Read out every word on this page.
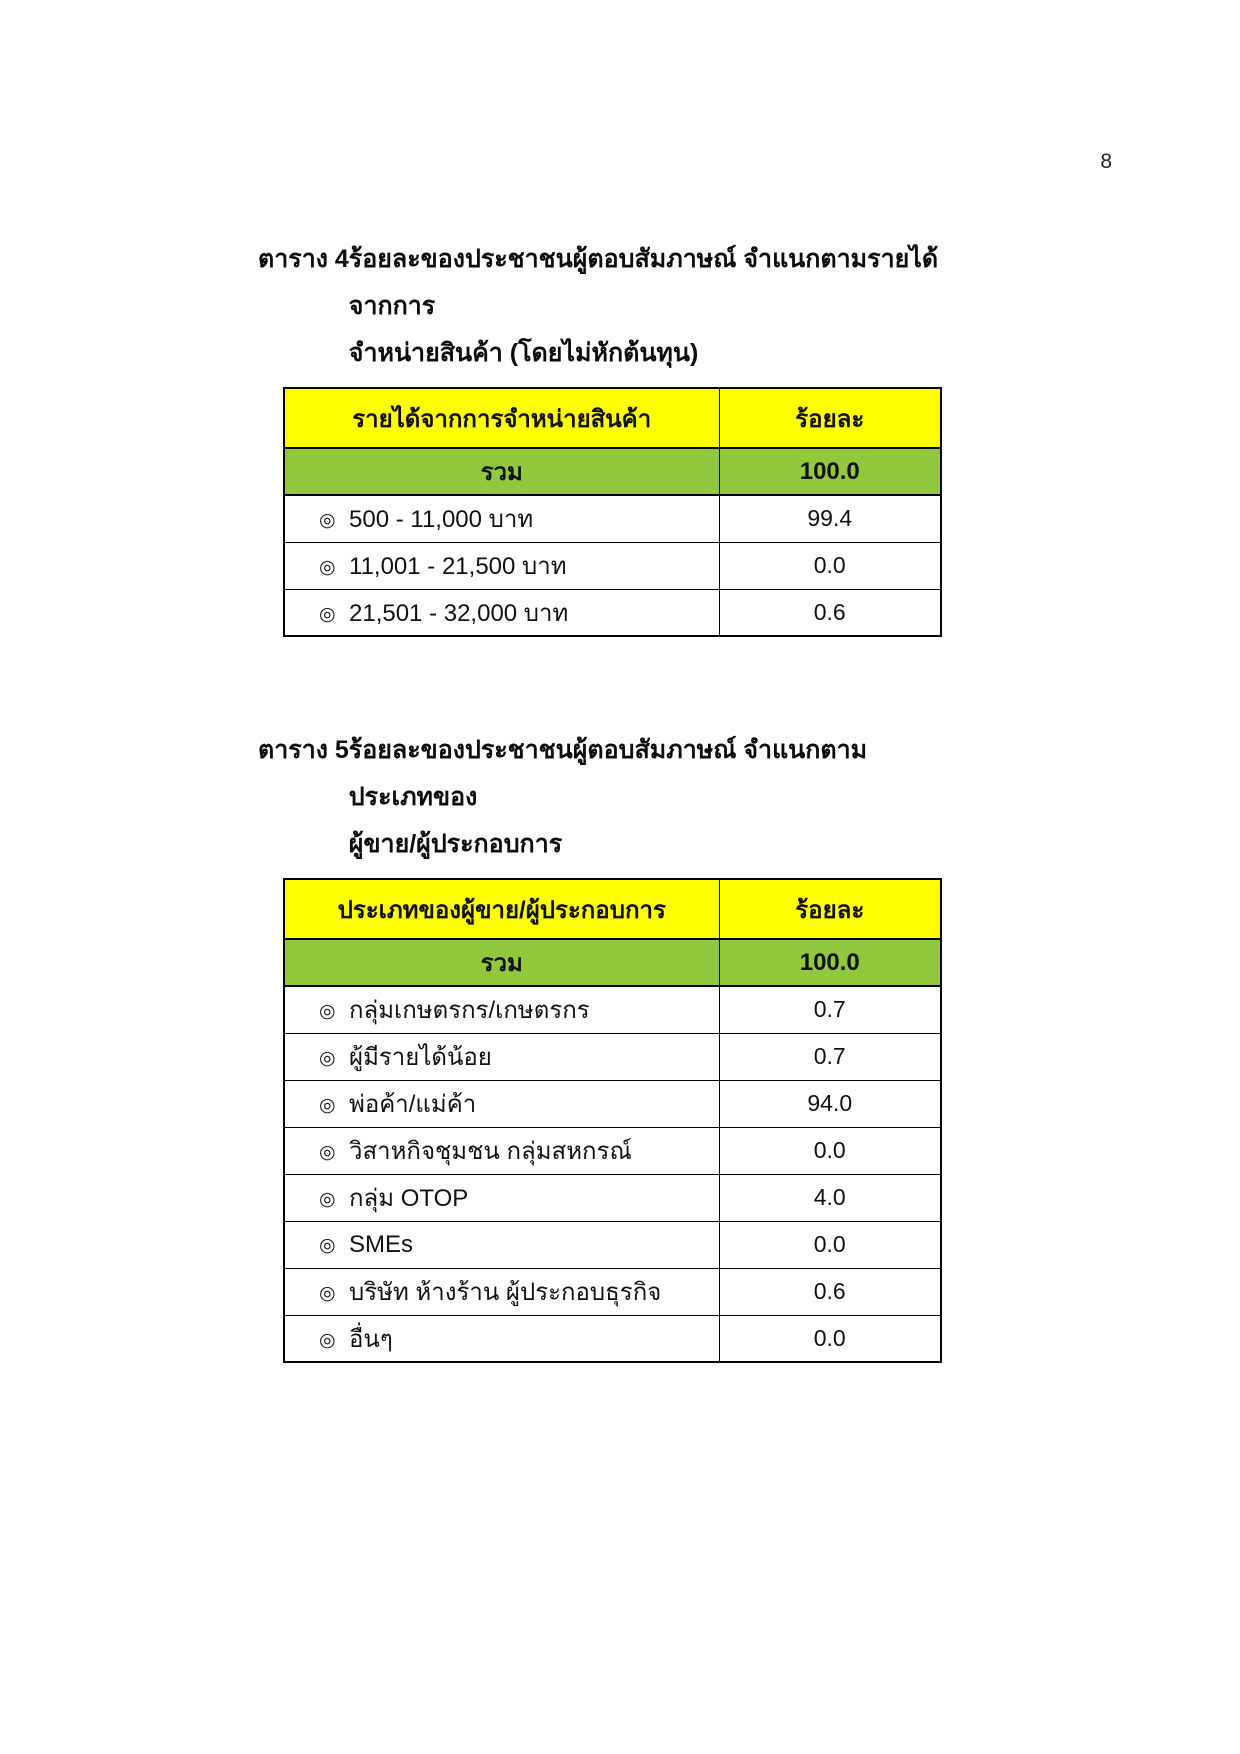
8
ตาราง 4 ร้อยละของประชาชนผู้ตอบสัมภาษณ์ จำแนกตามรายได้จากการ
จำหน่ายสินค้า (โดยไม่หักต้นทุน)
รายได้จากการจำหน่ายสินค้า	ร้อยละ
รวม	100.0
◎ 500 - 11,000 บาท	99.4
◎ 11,001 - 21,500 บาท	0.0
◎ 21,501 - 32,000 บาท	0.6
ตาราง 5 ร้อยละของประชาชนผู้ตอบสัมภาษณ์ จำแนกตามประเภทของ
ผู้ขาย/ผู้ประกอบการ
ประเภทของผู้ขาย/ผู้ประกอบการ	ร้อยละ
รวม	100.0
◎ กลุ่มเกษตรกร/เกษตรกร	0.7
◎ ผู้มีรายได้น้อย	0.7
◎ พ่อค้า/แม่ค้า	94.0
◎ วิสาหกิจชุมชน กลุ่มสหกรณ์	0.0
◎ กลุ่ม OTOP	4.0
◎ SMEs	0.0
◎ บริษัท ห้างร้าน ผู้ประกอบธุรกิจ	0.6
◎ อื่นๆ	0.0
